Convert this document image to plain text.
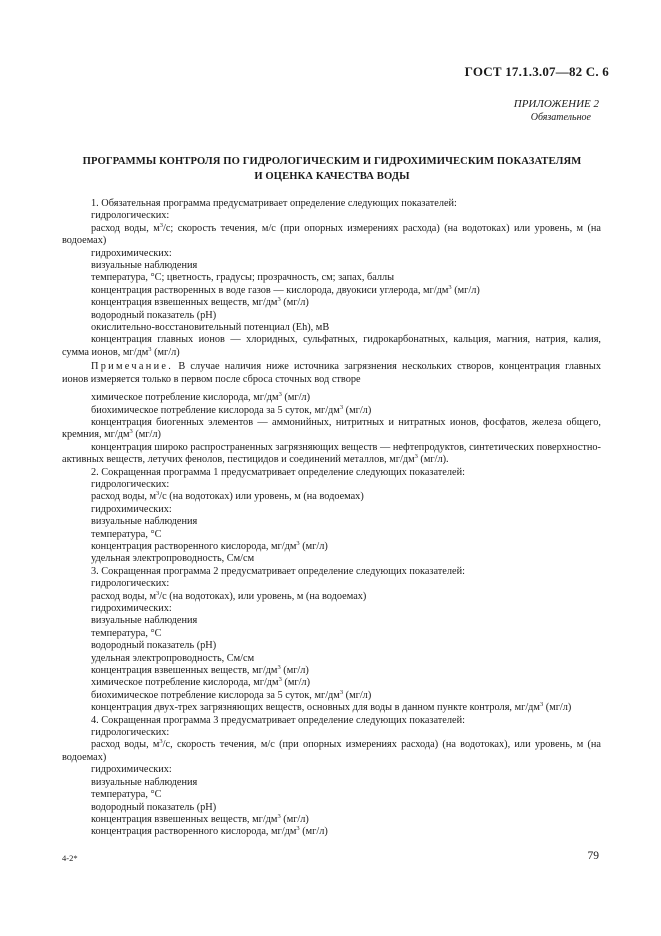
ГОСТ 17.1.3.07—82 С. 6
ПРИЛОЖЕНИЕ 2
Обязательное
ПРОГРАММЫ КОНТРОЛЯ ПО ГИДРОЛОГИЧЕСКИМ И ГИДРОХИМИЧЕСКИМ ПОКАЗАТЕЛЯМ
И ОЦЕНКА КАЧЕСТВА ВОДЫ

1. Обязательная программа предусматривает определение следующих показателей:

гидрологических:

расход воды, $м^3/с$; скорость течения, м/с (при опорных измерениях расхода) (на водотоках) или уровень, м (на водоемах)

гидрохимических:

визуальные наблюдения

температура, °С; цветность, градусы; прозрачность, см; запах, баллы

концентрация растворенных в воде газов — кислорода, двуокиси углерода, $мг/дм^3$ (мг/л)

концентрация взвешенных веществ, $мг/дм^3$ (мг/л)

водородный показатель (рН)

окислительно-восстановительный потенциал (Eh), мВ

концентрация главных ионов — хлоридных, сульфатных, гидрокарбонатных, кальция, магния, натрия, калия, сумма ионов, $мг/дм^3$ (мг/л)

Примечание. В случае наличия ниже источника загрязнения нескольких створов, концентрация главных ионов измеряется только в первом после сброса сточных вод створе

химическое потребление кислорода, $мг/дм^3$ (мг/л)

биохимическое потребление кислорода за 5 суток, $мг/дм^3$ (мг/л)

концентрация биогенных элементов — аммонийных, нитритных и нитратных ионов, фосфатов, железа общего, кремния, $мг/дм^3$ (мг/л)

концентрация широко распространенных загрязняющих веществ — нефтепродуктов, синтетических поверхностно-активных веществ, летучих фенолов, пестицидов и соединений металлов, $мг/дм^3$ (мг/л).

2. Сокращенная программа 1 предусматривает определение следующих показателей:

гидрологических:

расход воды, $м^3/с$ (на водотоках) или уровень, м (на водоемах)

гидрохимических:

визуальные наблюдения

температура, °С

концентрация растворенного кислорода, $мг/дм^3$ (мг/л)

удельная электропроводность, См/см

3. Сокращенная программа 2 предусматривает определение следующих показателей:

гидрологических:

расход воды, $м^3/с$ (на водотоках), или уровень, м (на водоемах)

гидрохимических:

визуальные наблюдения

температура, °С

водородный показатель (рН)

удельная электропроводность, См/см

концентрация взвешенных веществ, $мг/дм^3$ (мг/л)

химическое потребление кислорода, $мг/дм^3$ (мг/л)

биохимическое потребление кислорода за 5 суток, $мг/дм^3$ (мг/л)

концентрация двух-трех загрязняющих веществ, основных для воды в данном пункте контроля, $мг/дм^3$ (мг/л)

4. Сокращенная программа 3 предусматривает определение следующих показателей:

гидрологических:

расход воды, $м^3/с$, скорость течения, м/с (при опорных измерениях расхода) (на водотоках), или уровень, м (на водоемах)

гидрохимических:

визуальные наблюдения

температура, °С

водородный показатель (рН)

концентрация взвешенных веществ, $мг/дм^3$ (мг/л)

концентрация растворенного кислорода, $мг/дм^3$ (мг/л)

4-2*	79
